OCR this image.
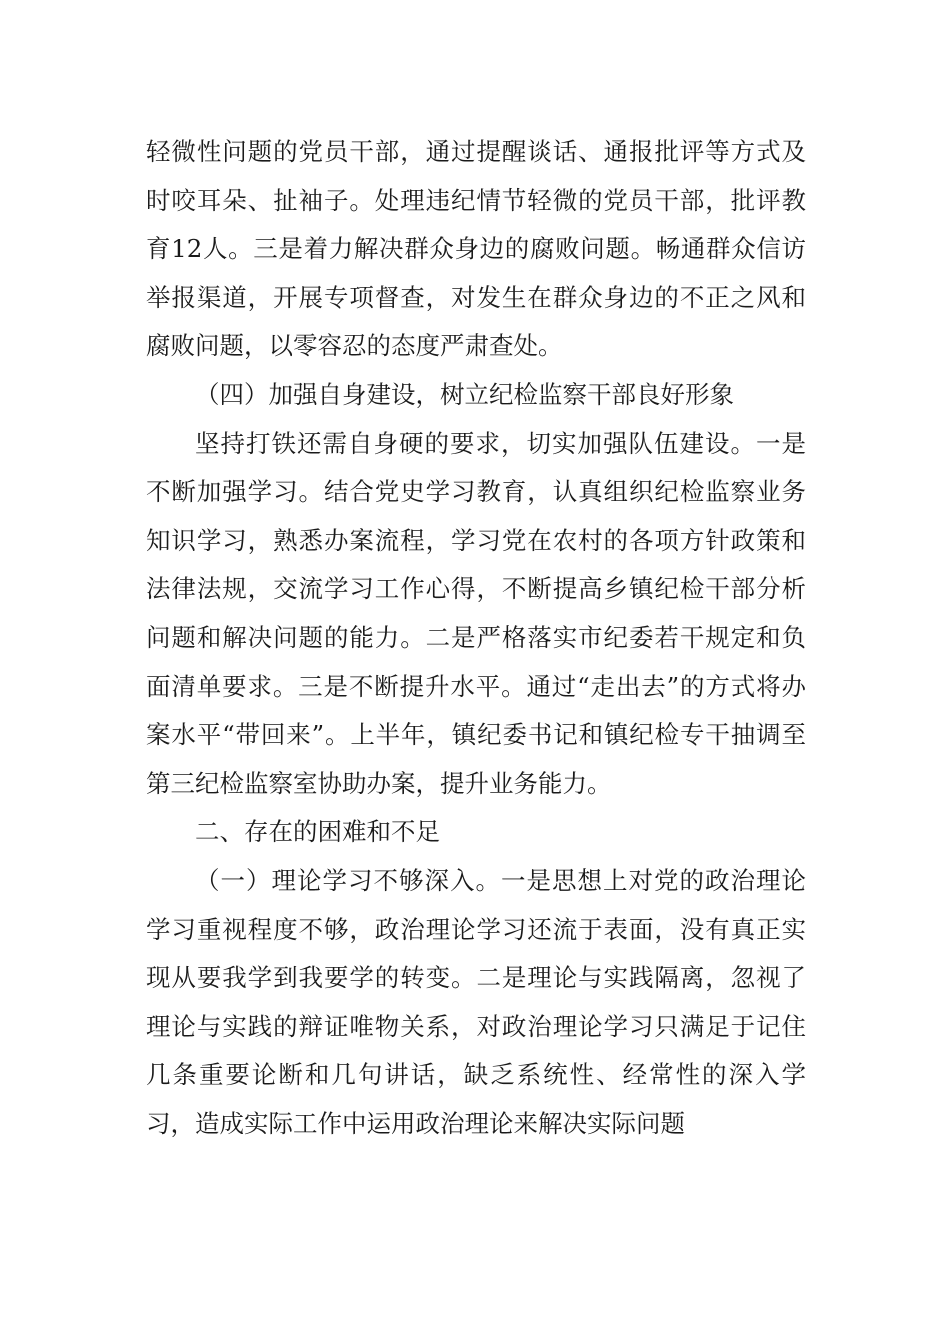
轻微性问题的党员干部，通过提醒谈话、通报批评等方式及时咬耳朵、扯袖子。处理违纪情节轻微的党员干部，批评教育12人。三是着力解决群众身边的腐败问题。畅通群众信访举报渠道，开展专项督查，对发生在群众身边的不正之风和腐败问题，以零容忍的态度严肃查处。

（四）加强自身建设，树立纪检监察干部良好形象

坚持打铁还需自身硬的要求，切实加强队伍建设。一是不断加强学习。结合党史学习教育，认真组织纪检监察业务知识学习，熟悉办案流程，学习党在农村的各项方针政策和法律法规，交流学习工作心得，不断提高乡镇纪检干部分析问题和解决问题的能力。二是严格落实市纪委若干规定和负面清单要求。三是不断提升水平。通过“走出去”的方式将办案水平“带回来”。上半年，镇纪委书记和镇纪检专干抽调至第三纪检监察室协助办案，提升业务能力。

二、存在的困难和不足

（一）理论学习不够深入。一是思想上对党的政治理论学习重视程度不够，政治理论学习还流于表面，没有真正实现从要我学到我要学的转变。二是理论与实践隔离，忽视了理论与实践的辩证唯物关系，对政治理论学习只满足于记住几条重要论断和几句讲话，缺乏系统性、经常性的深入学习，造成实际工作中运用政治理论来解决实际问题
